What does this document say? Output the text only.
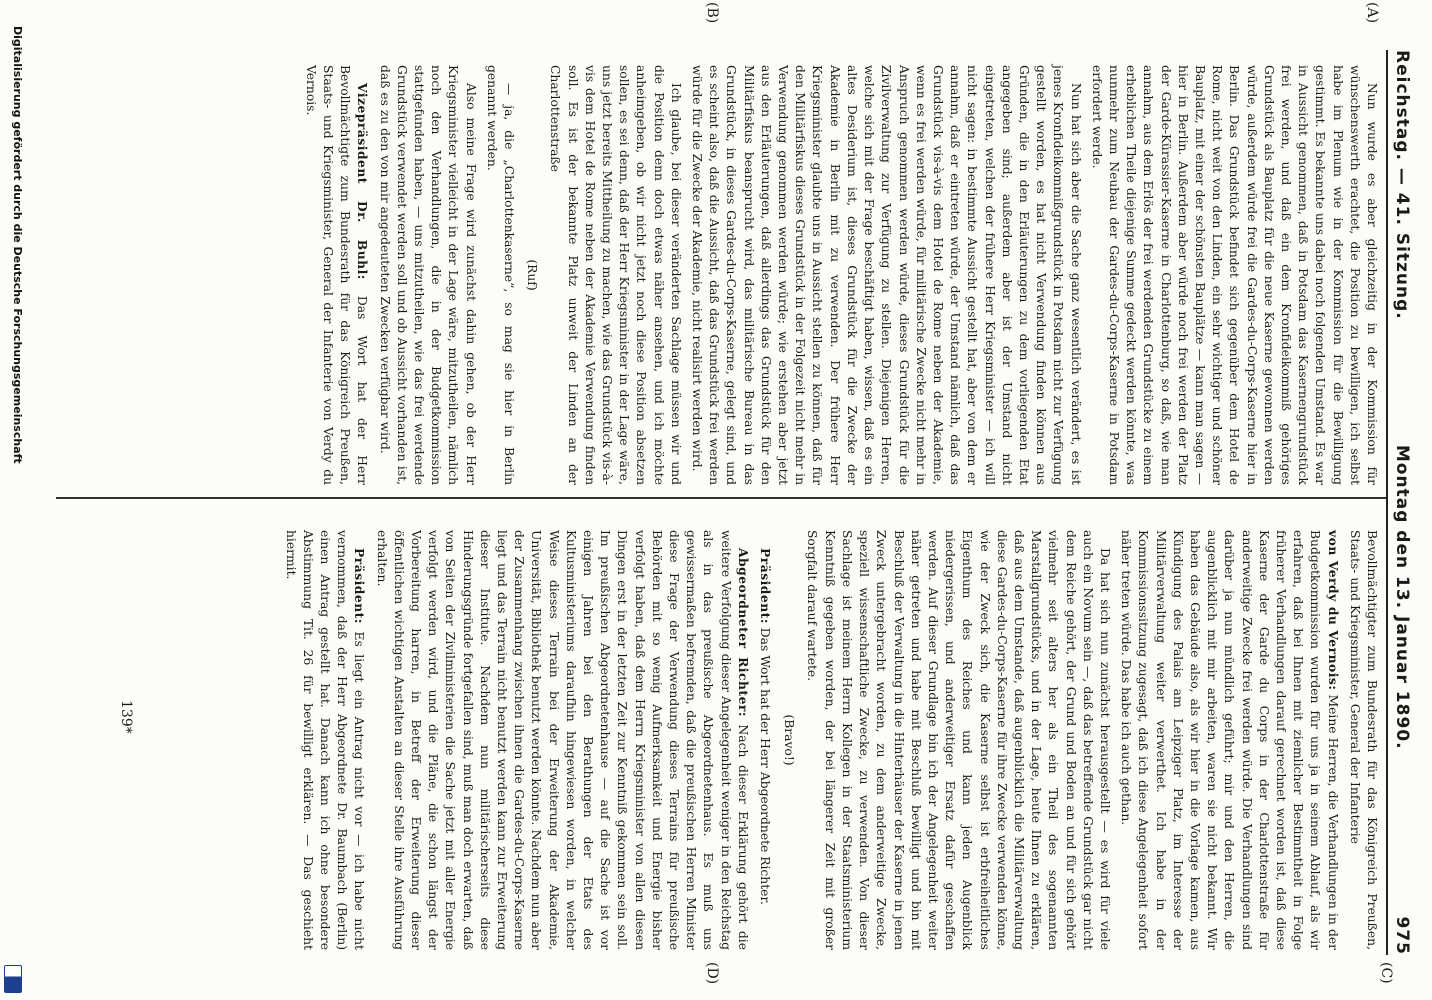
Reichstag. — 41. Sitzung.
Montag den 13. Januar 1890. 975
(A)
(B)
(C)
(D)

Nun wurde es aber gleichzeitig in der Kommission für wünschenswerth erachtet, die Position zu bewilligen, ich selbst habe im Plenum wie in der Kommission für die Bewilligung gestimmt. Es bekannte uns dabei noch folgenden Umstand. Es war in Aussicht genommen, daß in Potsdam das Kasernengrundstück frei werden, und daß ein dem Kronfideikommiß gehöriges Grundstück als Bauplatz für die neue Kaserne gewonnen werden würde, außerdem würde frei die Gardes-du-Corps-Kaserne hier in Berlin. Das Grundstück befindet sich gegenüber dem Hotel de Rome, nicht weit von den Linden, ein sehr wichtiger und schöner Bauplatz, mit einer der schönsten Bauplätze — kann man sagen — hier in Berlin. Außerdem aber würde noch frei werden der Platz der Garde-Kürassier-Kaserne in Charlottenburg, so daß, wie man annahm, aus dem Erlös der frei werdenden Grundstücke zu einem erheblichen Theile diejenige Summe gedeckt werden könnte, was nunmehr zum Neubau der Gardes-du-Corps-Kaserne in Potsdam erfordert werde.

Nun hat sich aber die Sache ganz wesentlich verändert, es ist jenes Kronfideikommißgrundstück in Potsdam nicht zur Verfügung gestellt worden, es hat nicht Verwendung finden können aus Gründen, die in den Erläuterungen zu dem vorliegenden Etat angegeben sind; außerdem aber ist der Umstand nicht eingetreten, welchen der frühere Herr Kriegsminister — ich will nicht sagen: in bestimmte Aussicht gestellt hat, aber von dem er annahm, daß er eintreten würde, der Umstand nämlich, daß das Grundstück vis-à-vis dem Hotel de Rome neben der Akademie, wenn es frei werden würde, für militärische Zwecke nicht mehr in Anspruch genommen werden würde, dieses Grundstück für die Zivilverwaltung zur Verfügung zu stellen. Diejenigen Herren, welche sich mit der Frage beschäftigt haben, wissen, daß es ein altes Desiderium ist, dieses Grundstück für die Zwecke der Akademie in Berlin mit zu verwenden. Der frühere Herr Kriegsminister glaubte uns in Aussicht stellen zu können, daß für den Militärfiskus dieses Grundstück in der Folgezeit nicht mehr in Verwendung genommen werden würde; wie erstehen aber jetzt aus den Erläuterungen, daß allerdings das Grundstück für den Militärfiskus beansprucht wird, das militärische Bureau in das Grundstück, in dieses Gardes-du-Corps-Kaserne, gelegt sind, und es scheint also, daß die Aussicht, daß das Grundstück frei werden würde für die Zwecke der Akademie, nicht realisirt werden wird.

Ich glaube, bei dieser veränderten Sachlage müssen wir und die Position denn doch etwas näher ansehen, und ich möchte anheimgeben, ob wir nicht jetzt noch diese Position absetzen sollen, es sei denn, daß der Herr Kriegsminister in der Lage wäre, uns jetzt bereits Mittheilung zu machen, wie das Grundstück vis-à-vis dem Hotel de Rome neben der Akademie Verwendung finden soll. Es ist der bekannte Platz unweit der Linden an der Charlottenstraße

(Ruf)

— ja, die „Charlottenkaserne“, so mag sie hier in Berlin genannt werden.

Also meine Frage wird zunächst dahin gehen, ob der Herr Kriegsminister vielleicht in der Lage wäre, mitzutheilen, nämlich noch den Verhandlungen, die in der Budgetkommission stattgefunden haben, — uns mitzutheilen, wie das frei werdende Grundstück verwendet werden soll und ob Aussicht vorhanden ist, daß es zu den von mir angedeuteten Zwecken verfügbar wird.

Vizepräsident Dr. Buhl: Das Wort hat der Herr Bevollmächtigte zum Bundesrath für das Königreich Preußen, Staats- und Kriegsminister, General der Infanterie von Verdy du Vernois.

Bevollmächtigter zum Bundesrath für das Königreich Preußen, Staats- und Kriegsminister, General der Infanterie

von Verdy du Vernois: Meine Herren, die Verhandlungen in der Budgetkommission wurden für uns ja in seinem Ablauf, als wir erfahren, daß bei Ihnen mit ziemlicher Bestimmtheit in Folge früherer Verhandlungen darauf gerechnet worden ist, daß diese Kaserne der Garde du Corps in der Charlottenstraße für anderweitige Zwecke frei werden würde. Die Verhandlungen sind darüber ja nun mündlich geführt; mir und den Herren, die augenblicklich mit mir arbeiten, waren sie nicht bekannt. Wir haben das Gebäude also, als wir hier in die Vorlage kamen, aus Kündigung des Palais am Leipziger Platz, im Interesse der Militärverwaltung weiter verwerthet. Ich habe in der Kommissionssitzung zugesagt, daß ich diese Angelegenheit sofort näher treten würde. Das habe ich auch gethan.

Da hat sich nun zunächst herausgestellt — es wird für viele auch ein Novum sein —, daß das betreffende Grundstück gar nicht dem Reiche gehört, der Grund und Boden an und für sich gehört vielmehr seit alters her als ein Theil des sogenannten Marstallgrundstücks, und in der Lage, heute Ihnen zu erklären, daß aus dem Umstande, daß augenblicklich die Militärverwaltung diese Gardes-du-Corps-Kaserne für ihre Zwecke verwenden könne, wie der Zweck sich, die Kaserne selbst ist erbfreiheitliches Eigenthum des Reiches und kann jeden Augenblick niedergerissen, und anderweitiger Ersatz dafür geschaffen werden. Auf dieser Grundlage bin ich der Angelegenheit weiter näher getreten und habe mit Beschluß bewilligt und bin mit Beschluß der Verwaltung in die Hinterhäuser der Kaserne in jenen Zweck untergebracht worden, zu dem anderweitige Zwecke, speziell wissenschaftliche Zwecke, zu verwenden. Von dieser Sachlage ist meinem Herrn Kollegen in der Staatsministerium Kenntniß gegeben worden, der bei längerer Zeit mit großer Sorgfalt darauf wartete.

(Bravo!)

Präsident: Das Wort hat der Herr Abgeordnete Richter.

Abgeordneter Richter: Nach dieser Erklärung gehört die weitere Verfolgung dieser Angelegenheit weniger in den Reichstag als in das preußische Abgeordnetenhaus. Es muß uns gewissermaßen befremden, daß die preußischen Herren Minister diese Frage der Verwendung dieses Terrains für preußische Behörden mit so wenig Aufmerksamkeit und Energie bisher verfolgt haben, daß dem Herrn Kriegsminister von allen diesen Dingen erst in der letzten Zeit zur Kenntniß gekommen sein soll. Im preußischen Abgeordnetenhause — auf die Sache ist vor einigen Jahren bei den Berathungen der Etats des Kultusministeriums daraufhin hingewiesen worden, in welcher Weise dieses Terrain bei der Erweiterung der Akademie, Universität, Bibliothek benutzt werden könnte. Nachdem nun aber der Zusammenhang zwischen ihnen die Gardes-du-Corps-Kaserne liegt und das Terrain nicht benutzt werden kann zur Erweiterung dieser Institute. Nachdem nun militärischerseits diese Hinderungsgründe fortgefallen sind, muß man doch erwarten, daß von Seiten der Zivilministerien die Sache jetzt mit aller Energie verfolgt werden wird, und die Pläne, die schon längst der Vorbereitung harren, in Betreff der Erweiterung dieser öffentlichen wichtigen Anstalten an dieser Stelle ihre Ausführung erhalten.

Präsident: Es liegt ein Antrag nicht vor — ich habe nicht vernommen, daß der Herr Abgeordnete Dr. Baumbach (Berlin) einen Antrag gestellt hat. Danach kann ich ohne besondere Abstimmung Tit. 26 für bewilligt erklären. — Das geschieht hiermit.

139*
Digitalisierung gefördert durch die Deutsche Forschungsgemeinschaft
